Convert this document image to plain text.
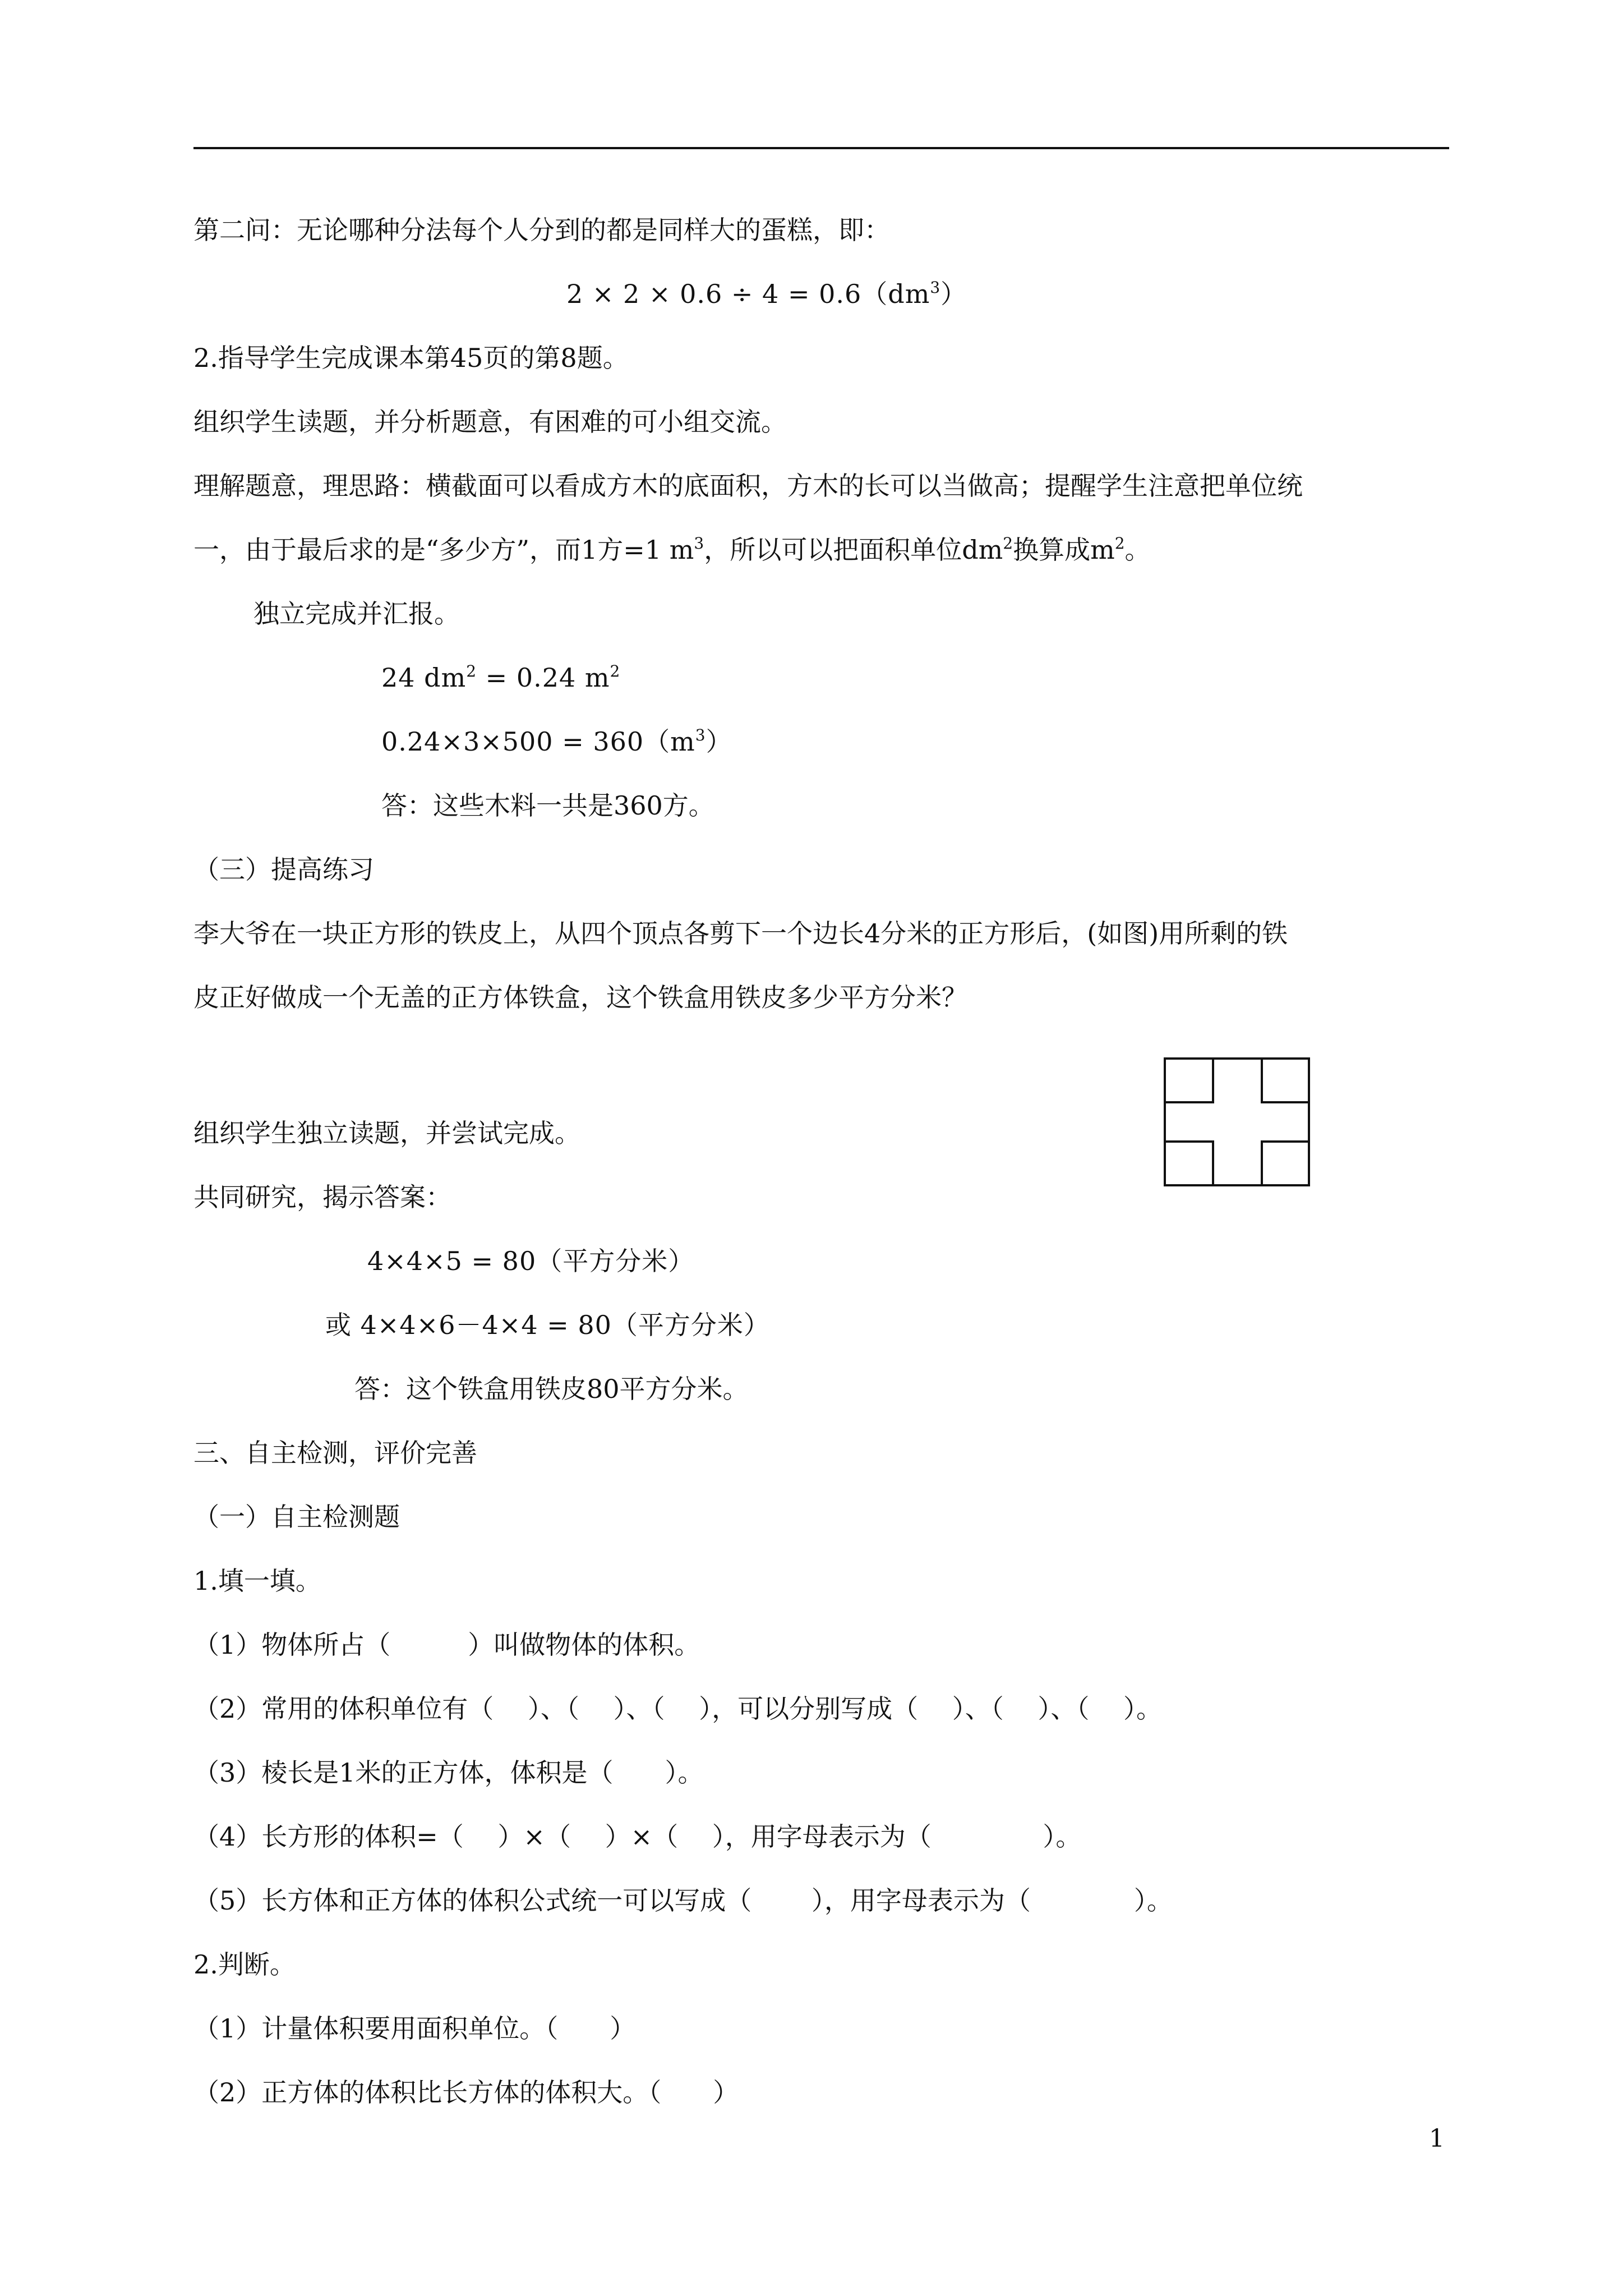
第二问：无论哪种分法每个人分到的都是同样大的蛋糕，即：
$2 \times 2 \times 0.6 \div 4 = 0.6(dm^3)$
2.指导学生完成课本第45页的第8题。
组织学生读题，并分析题意，有困难的可小组交流。
理解题意，理思路：横截面可以看成方木的底面积，方木的长可以当做高；提醒学生注意把单位统
一，由于最后求的是“多少方”，而1方=1 $m^3$，所以可以把面积单位$dm^2$换算成$m^2$。
独立完成并汇报。
24 $dm^2 = 0.24$ $m^2$
$0.24\times 3\times 500 = 360(m^3)$
答：这些木料一共是360方。
（三）提高练习
李大爷在一块正方形的铁皮上，从四个顶点各剪下一个边长4分米的正方形后，(如图)用所剩的铁
皮正好做成一个无盖的正方体铁盒，这个铁盒用铁皮多少平方分米？
组织学生独立读题，并尝试完成。
共同研究，揭示答案：
4×4×5 = 80（平方分米）
或 4×4×6－4×4 = 80（平方分米）
答：这个铁盒用铁皮80平方分米。
三、自主检测，评价完善
（一）自主检测题
1.填一填。
（1）物体所占（　　　）叫做物体的体积。
（2）常用的体积单位有（　 ）、（　 ）、（　 ），可以分别写成（　 ）、（　 ）、（　 ）。
（3）棱长是1米的正方体，体积是（　　）。
（4）长方形的体积=（　 ）×（　 ）×（　 ），用字母表示为（　　　　 ）。
（5）长方体和正方体的体积公式统一可以写成（　　 ），用字母表示为（　　　　）。
2.判断。
（1）计量体积要用面积单位。（　　）
（2）正方体的体积比长方体的体积大。（　　）
1
